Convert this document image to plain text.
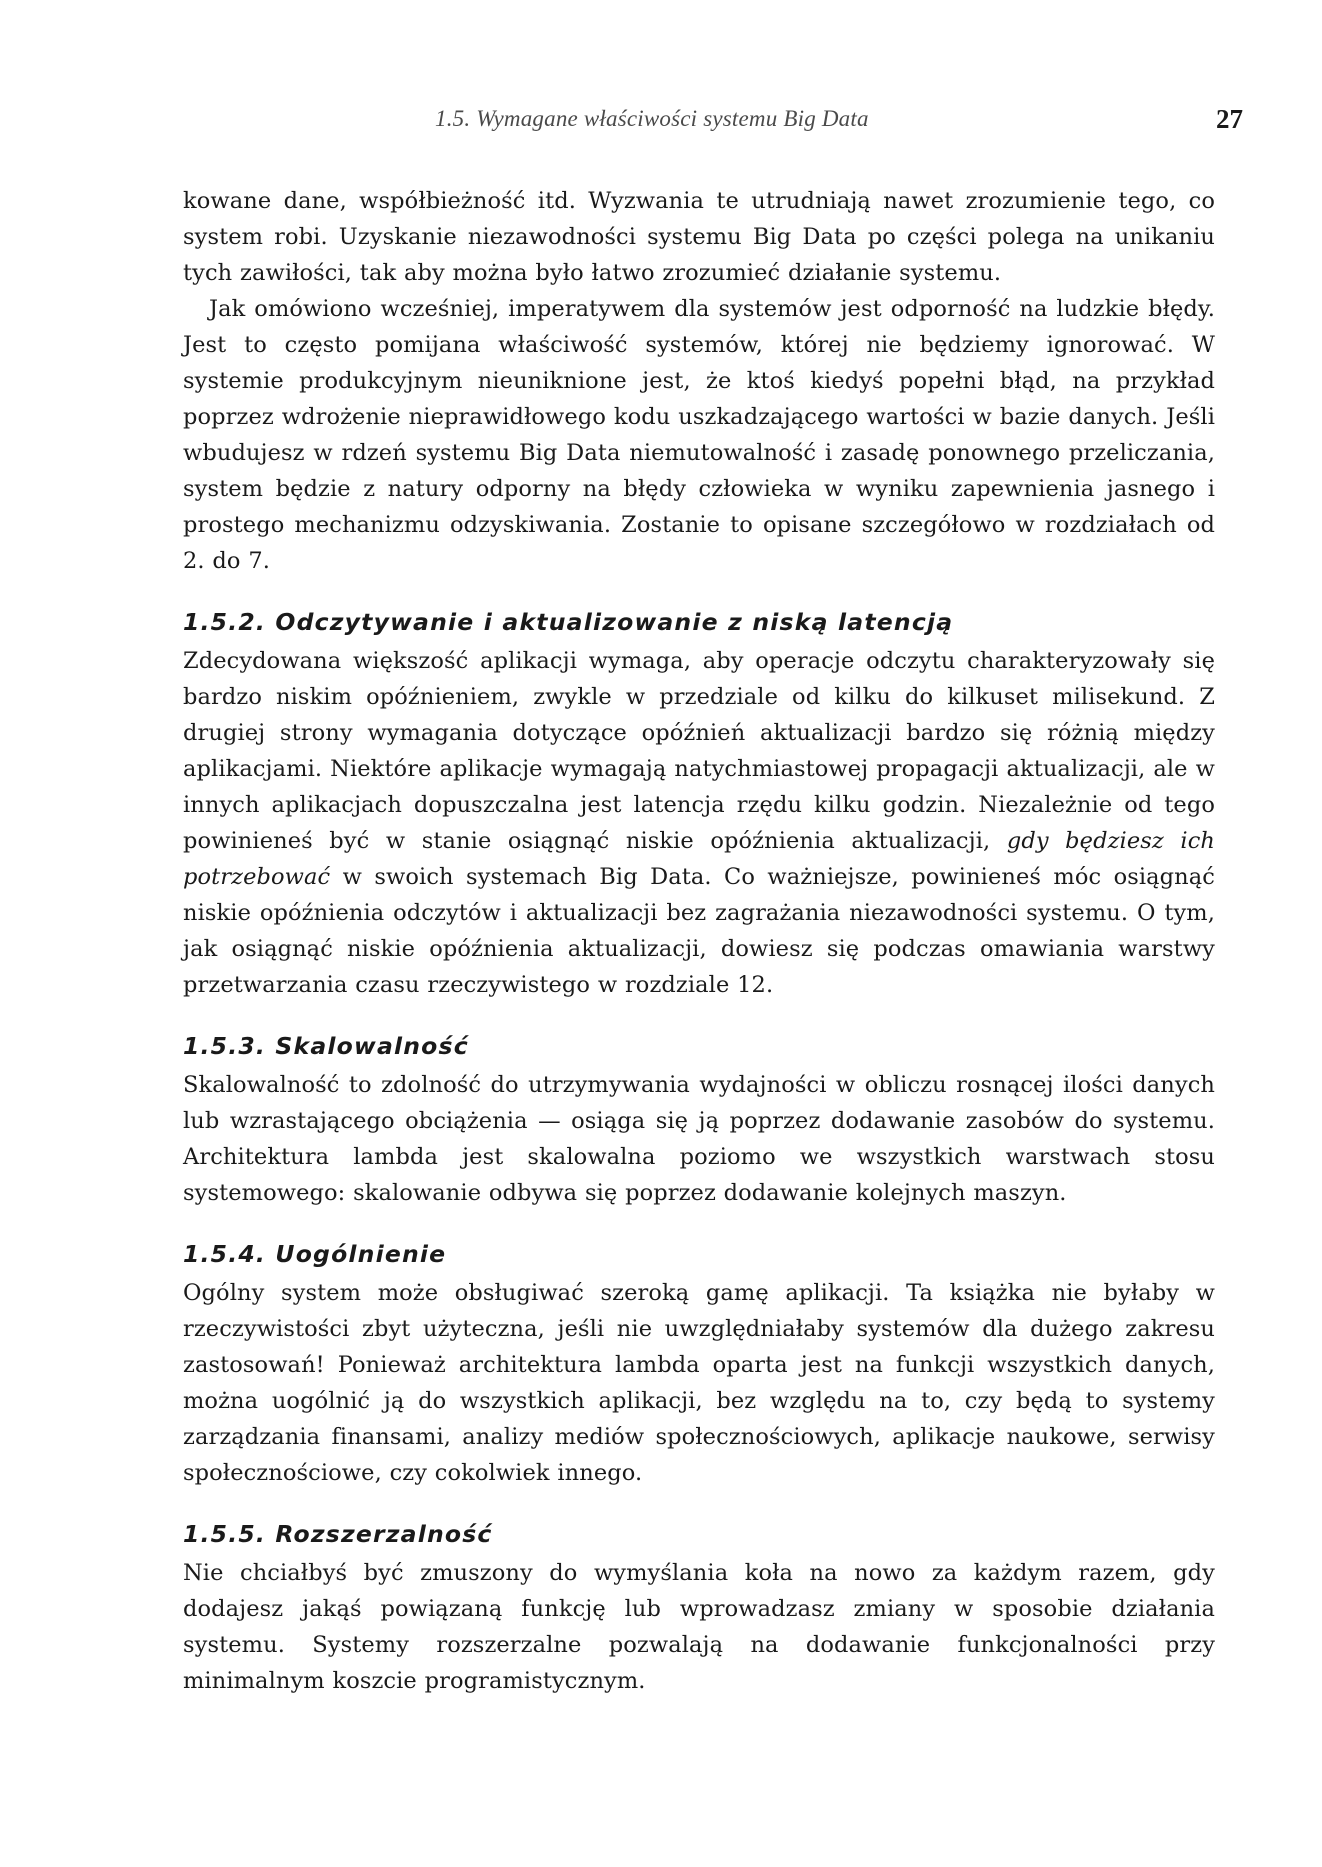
1.5. Wymagane właściwości systemu Big Data	27

kowane dane, współbieżność itd. Wyzwania te utrudniają nawet zrozumienie tego, co system robi. Uzyskanie niezawodności systemu Big Data po części polega na unikaniu tych zawiłości, tak aby można było łatwo zrozumieć działanie systemu.

Jak omówiono wcześniej, imperatywem dla systemów jest odporność na ludzkie błędy. Jest to często pomijana właściwość systemów, której nie będziemy ignorować. W systemie produkcyjnym nieuniknione jest, że ktoś kiedyś popełni błąd, na przykład poprzez wdrożenie nieprawidłowego kodu uszkadzającego wartości w bazie danych. Jeśli wbudujesz w rdzeń systemu Big Data niemutowalność i zasadę ponownego przeliczania, system będzie z natury odporny na błędy człowieka w wyniku zapewnienia jasnego i prostego mechanizmu odzyskiwania. Zostanie to opisane szczegółowo w rozdziałach od 2. do 7.

1.5.2. Odczytywanie i aktualizowanie z niską latencją

Zdecydowana większość aplikacji wymaga, aby operacje odczytu charakteryzowały się bardzo niskim opóźnieniem, zwykle w przedziale od kilku do kilkuset milisekund. Z drugiej strony wymagania dotyczące opóźnień aktualizacji bardzo się różnią między aplikacjami. Niektóre aplikacje wymagają natychmiastowej propagacji aktualizacji, ale w innych aplikacjach dopuszczalna jest latencja rzędu kilku godzin. Niezależnie od tego powinieneś być w stanie osiągnąć niskie opóźnienia aktualizacji, gdy będziesz ich potrzebować w swoich systemach Big Data. Co ważniejsze, powinieneś móc osiągnąć niskie opóźnienia odczytów i aktualizacji bez zagrażania niezawodności systemu. O tym, jak osiągnąć niskie opóźnienia aktualizacji, dowiesz się podczas omawiania warstwy przetwarzania czasu rzeczywistego w rozdziale 12.

1.5.3. Skalowalność

Skalowalność to zdolność do utrzymywania wydajności w obliczu rosnącej ilości danych lub wzrastającego obciążenia — osiąga się ją poprzez dodawanie zasobów do systemu. Architektura lambda jest skalowalna poziomo we wszystkich warstwach stosu systemowego: skalowanie odbywa się poprzez dodawanie kolejnych maszyn.

1.5.4. Uogólnienie

Ogólny system może obsługiwać szeroką gamę aplikacji. Ta książka nie byłaby w rzeczywistości zbyt użyteczna, jeśli nie uwzględniałaby systemów dla dużego zakresu zastosowań! Ponieważ architektura lambda oparta jest na funkcji wszystkich danych, można uogólnić ją do wszystkich aplikacji, bez względu na to, czy będą to systemy zarządzania finansami, analizy mediów społecznościowych, aplikacje naukowe, serwisy społecznościowe, czy cokolwiek innego.

1.5.5. Rozszerzalność

Nie chciałbyś być zmuszony do wymyślania koła na nowo za każdym razem, gdy dodajesz jakąś powiązaną funkcję lub wprowadzasz zmiany w sposobie działania systemu. Systemy rozszerzalne pozwalają na dodawanie funkcjonalności przy minimalnym koszcie programistycznym.
